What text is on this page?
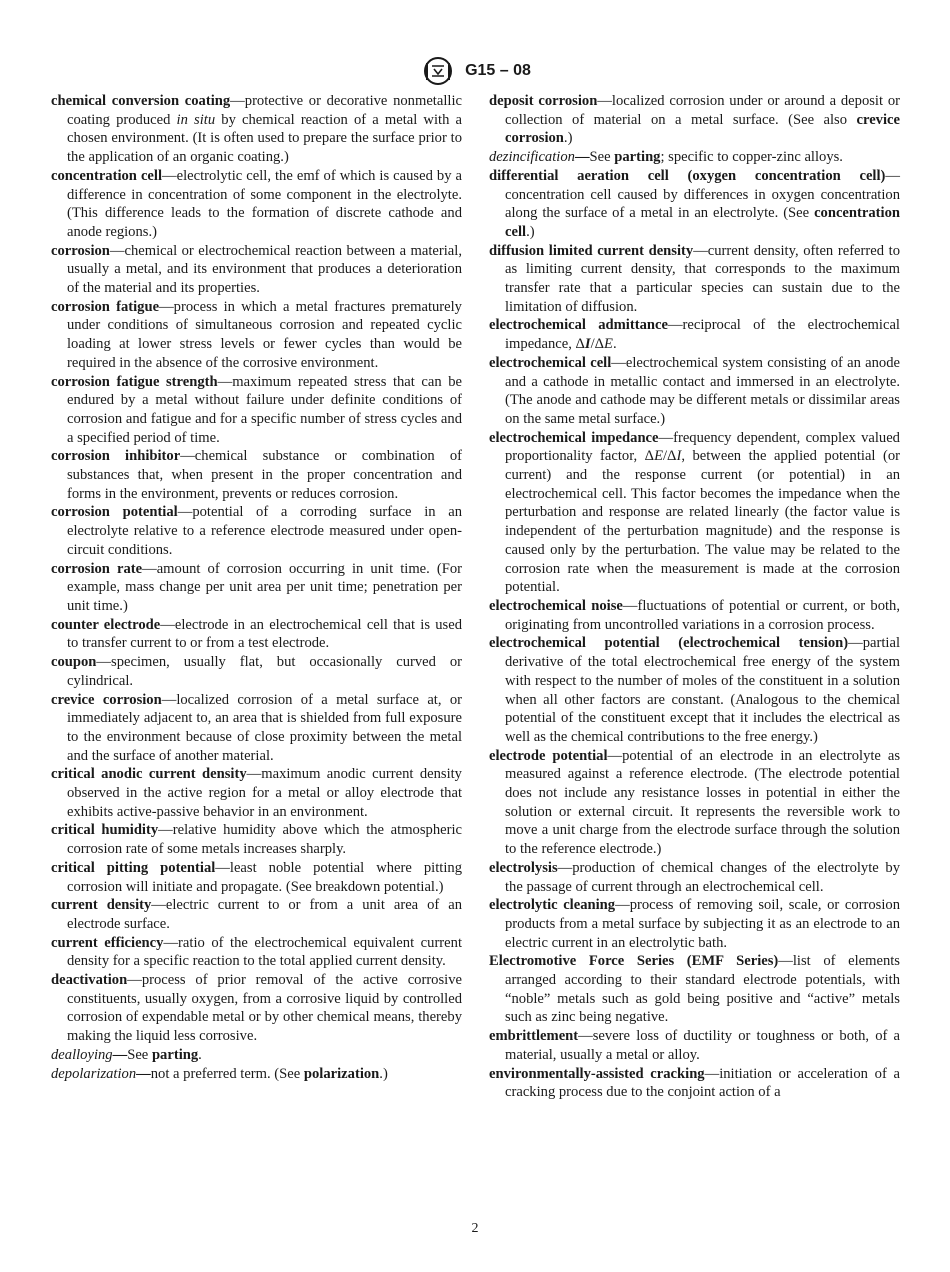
G15 – 08

chemical conversion coating—protective or decorative nonmetallic coating produced in situ by chemical reaction of a metal with a chosen environment. (It is often used to prepare the surface prior to the application of an organic coating.)

concentration cell—electrolytic cell, the emf of which is caused by a difference in concentration of some component in the electrolyte. (This difference leads to the formation of discrete cathode and anode regions.)

corrosion—chemical or electrochemical reaction between a material, usually a metal, and its environment that produces a deterioration of the material and its properties.

corrosion fatigue—process in which a metal fractures prematurely under conditions of simultaneous corrosion and repeated cyclic loading at lower stress levels or fewer cycles than would be required in the absence of the corrosive environment.

corrosion fatigue strength—maximum repeated stress that can be endured by a metal without failure under definite conditions of corrosion and fatigue and for a specific number of stress cycles and a specified period of time.

corrosion inhibitor—chemical substance or combination of substances that, when present in the proper concentration and forms in the environment, prevents or reduces corrosion.

corrosion potential—potential of a corroding surface in an electrolyte relative to a reference electrode measured under open-circuit conditions.

corrosion rate—amount of corrosion occurring in unit time. (For example, mass change per unit area per unit time; penetration per unit time.)

counter electrode—electrode in an electrochemical cell that is used to transfer current to or from a test electrode.

coupon—specimen, usually flat, but occasionally curved or cylindrical.

crevice corrosion—localized corrosion of a metal surface at, or immediately adjacent to, an area that is shielded from full exposure to the environment because of close proximity between the metal and the surface of another material.

critical anodic current density—maximum anodic current density observed in the active region for a metal or alloy electrode that exhibits active-passive behavior in an environment.

critical humidity—relative humidity above which the atmospheric corrosion rate of some metals increases sharply.

critical pitting potential—least noble potential where pitting corrosion will initiate and propagate. (See breakdown potential.)

current density—electric current to or from a unit area of an electrode surface.

current efficiency—ratio of the electrochemical equivalent current density for a specific reaction to the total applied current density.

deactivation—process of prior removal of the active corrosive constituents, usually oxygen, from a corrosive liquid by controlled corrosion of expendable metal or by other chemical means, thereby making the liquid less corrosive.

dealloying—See parting.

depolarization—not a preferred term. (See polarization.)

deposit corrosion—localized corrosion under or around a deposit or collection of material on a metal surface. (See also crevice corrosion.)

dezincification—See parting; specific to copper-zinc alloys.

differential aeration cell (oxygen concentration cell)—concentration cell caused by differences in oxygen concentration along the surface of a metal in an electrolyte. (See concentration cell.)

diffusion limited current density—current density, often referred to as limiting current density, that corresponds to the maximum transfer rate that a particular species can sustain due to the limitation of diffusion.

electrochemical admittance—reciprocal of the electrochemical impedance, ΔI/ΔE.

electrochemical cell—electrochemical system consisting of an anode and a cathode in metallic contact and immersed in an electrolyte. (The anode and cathode may be different metals or dissimilar areas on the same metal surface.)

electrochemical impedance—frequency dependent, complex valued proportionality factor, ΔE/ΔI, between the applied potential (or current) and the response current (or potential) in an electrochemical cell. This factor becomes the impedance when the perturbation and response are related linearly (the factor value is independent of the perturbation magnitude) and the response is caused only by the perturbation. The value may be related to the corrosion rate when the measurement is made at the corrosion potential.

electrochemical noise—fluctuations of potential or current, or both, originating from uncontrolled variations in a corrosion process.

electrochemical potential (electrochemical tension)—partial derivative of the total electrochemical free energy of the system with respect to the number of moles of the constituent in a solution when all other factors are constant. (Analogous to the chemical potential of the constituent except that it includes the electrical as well as the chemical contributions to the free energy.)

electrode potential—potential of an electrode in an electrolyte as measured against a reference electrode. (The electrode potential does not include any resistance losses in potential in either the solution or external circuit. It represents the reversible work to move a unit charge from the electrode surface through the solution to the reference electrode.)

electrolysis—production of chemical changes of the electrolyte by the passage of current through an electrochemical cell.

electrolytic cleaning—process of removing soil, scale, or corrosion products from a metal surface by subjecting it as an electrode to an electric current in an electrolytic bath.

Electromotive Force Series (EMF Series)—list of elements arranged according to their standard electrode potentials, with “noble” metals such as gold being positive and “active” metals such as zinc being negative.

embrittlement—severe loss of ductility or toughness or both, of a material, usually a metal or alloy.

environmentally-assisted cracking—initiation or acceleration of a cracking process due to the conjoint action of a

2
